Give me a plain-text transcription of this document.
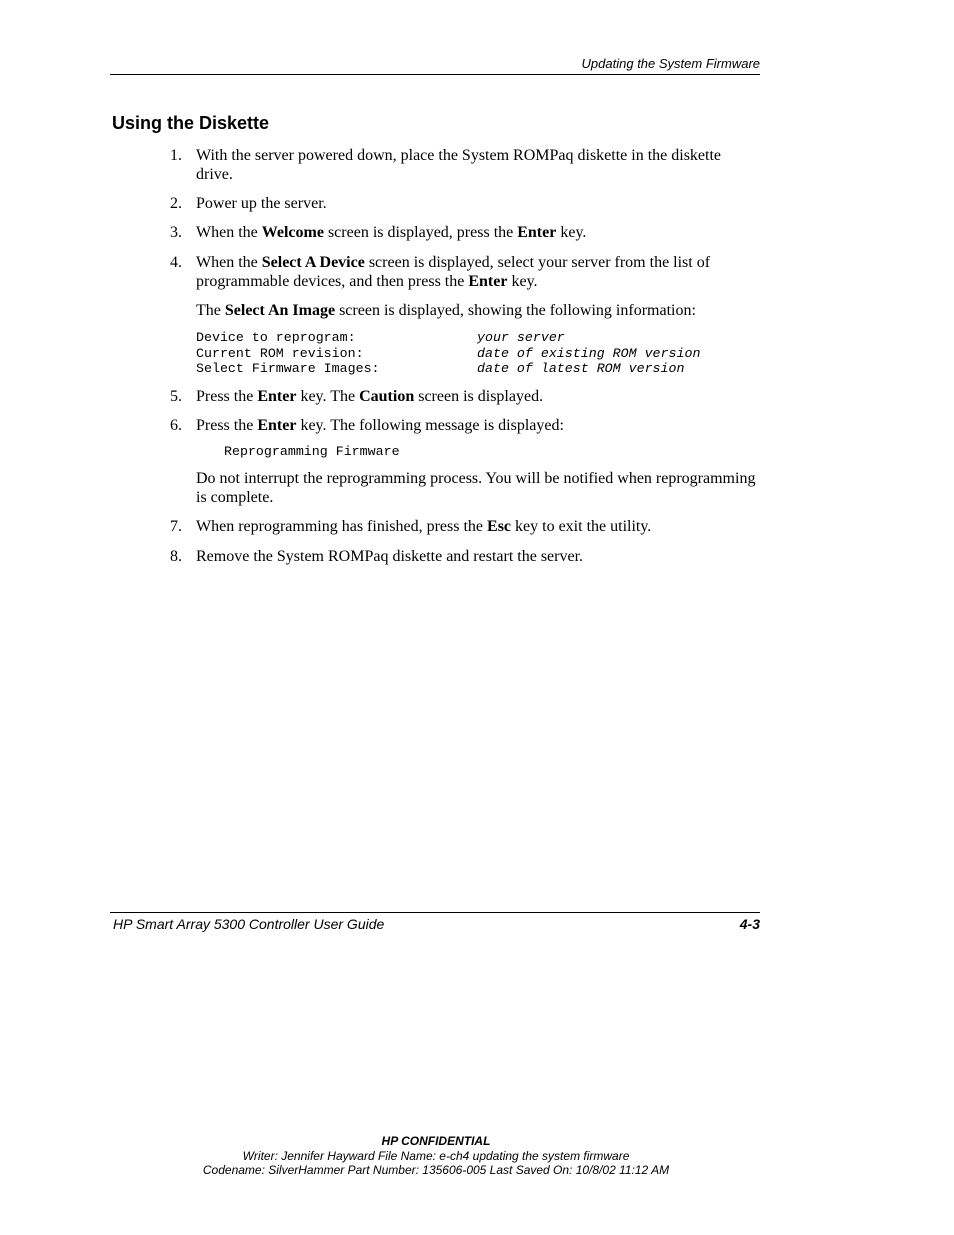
Updating the System Firmware
Using the Diskette
1. With the server powered down, place the System ROMPaq diskette in the diskette drive.
2. Power up the server.
3. When the Welcome screen is displayed, press the Enter key.
4. When the Select A Device screen is displayed, select your server from the list of programmable devices, and then press the Enter key.
The Select An Image screen is displayed, showing the following information:
Device to reprogram:	your server
Current ROM revision:	date of existing ROM version
Select Firmware Images:	date of latest ROM version
5. Press the Enter key. The Caution screen is displayed.
6. Press the Enter key. The following message is displayed:
Reprogramming Firmware
Do not interrupt the reprogramming process. You will be notified when reprogramming is complete.
7. When reprogramming has finished, press the Esc key to exit the utility.
8. Remove the System ROMPaq diskette and restart the server.
HP Smart Array 5300 Controller User Guide	4-3
HP CONFIDENTIAL
Writer: Jennifer Hayward File Name: e-ch4 updating the system firmware
Codename: SilverHammer Part Number: 135606-005 Last Saved On: 10/8/02 11:12 AM
